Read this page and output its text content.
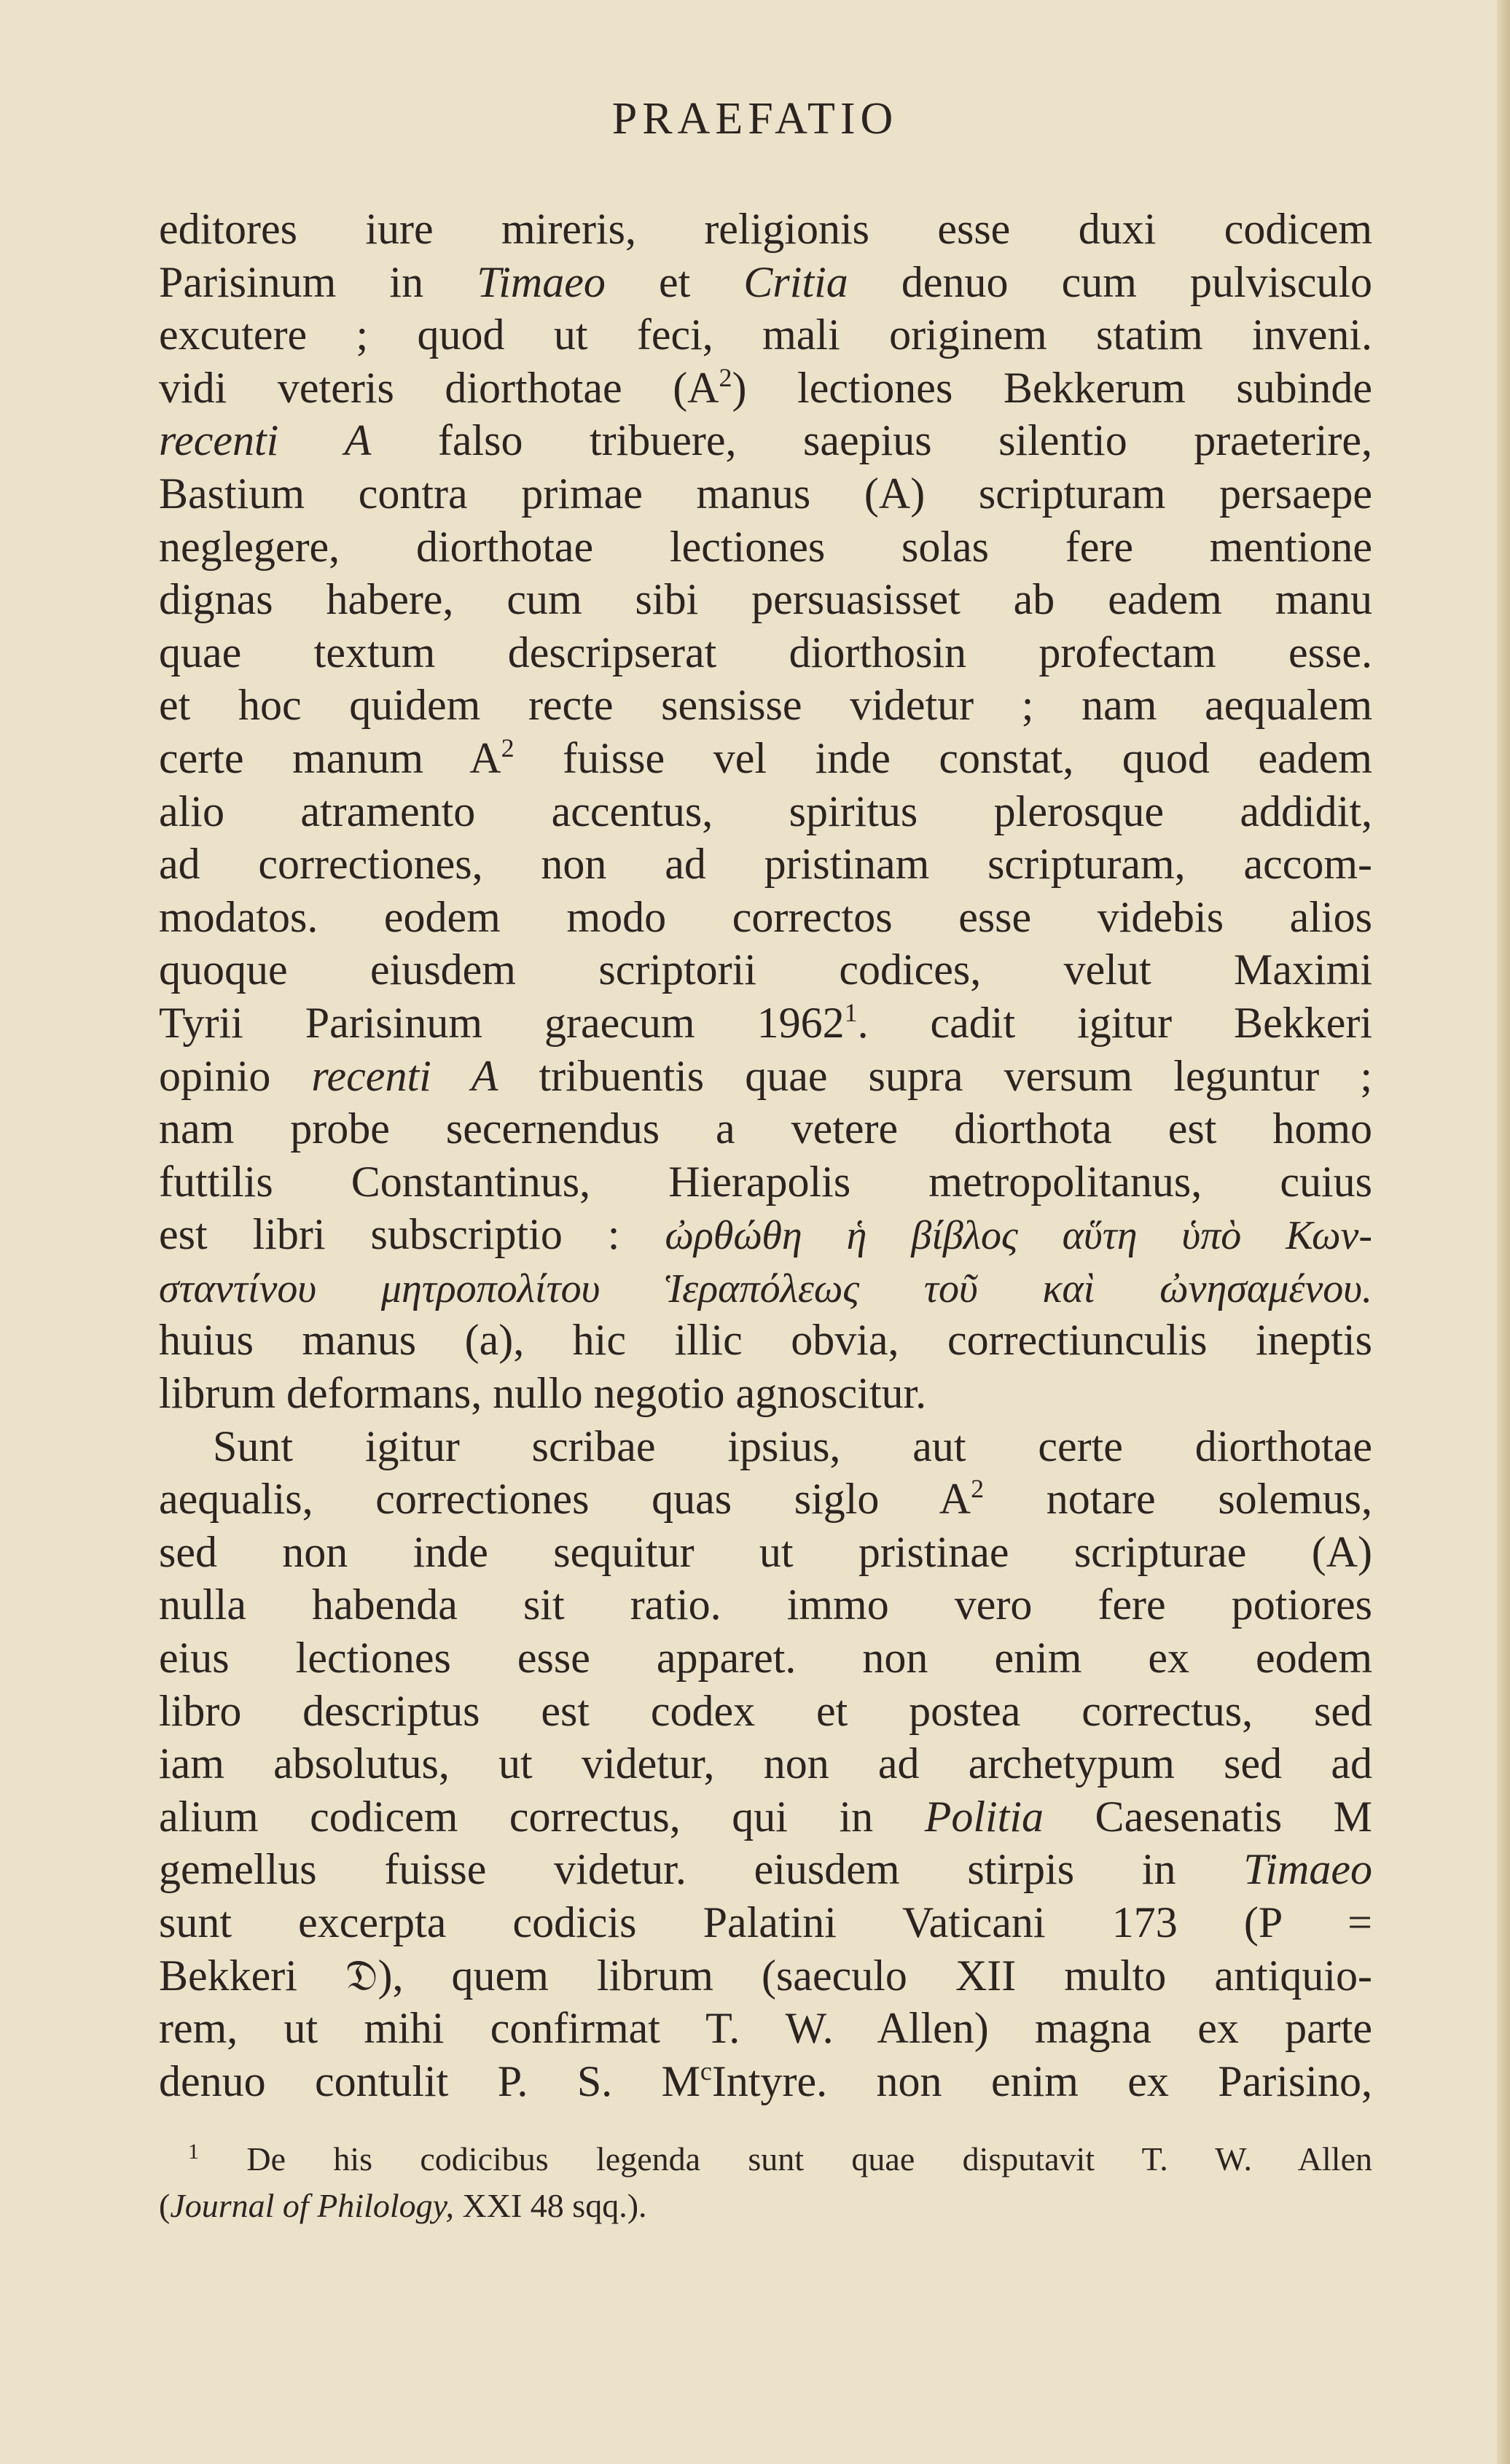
PRAEFATIO
editores iure mireris, religionis esse duxi codicem
Parisinum in Timaeo et Critia denuo cum pulvisculo
excutere ; quod ut feci, mali originem statim inveni.
vidi veteris diorthotae $(A^2)$ lectiones Bekkerum subinde
recenti A falso tribuere, saepius silentio praeterire,
Bastium contra primae manus (A) scripturam persaepe
neglegere, diorthotae lectiones solas fere mentione
dignas habere, cum sibi persuasisset ab eadem manu
quae textum descripserat diorthosin profectam esse.
et hoc quidem recte sensisse videtur ; nam aequalem
certe manum $A^2$ fuisse vel inde constat, quod eadem
alio atramento accentus, spiritus plerosque addidit,
ad correctiones, non ad pristinam scripturam, accom-
modatos. eodem modo correctos esse videbis alios
quoque eiusdem scriptorii codices, velut Maximi
Tyrii Parisinum graecum 1962$^1$. cadit igitur Bekkeri
opinio recenti A tribuentis quae supra versum leguntur ;
nam probe secernendus a vetere diorthota est homo
futtilis Constantinus, Hierapolis metropolitanus, cuius
est libri subscriptio : ὠρθώθη ἡ βίβλος αὕτη ὑπὸ Κων-
σταντίνου μητροπολίτου Ἱεραπόλεως τοῦ καὶ ὠνησαμένου.
huius manus (a), hic illic obvia, correctiunculis ineptis
librum deformans, nullo negotio agnoscitur.
Sunt igitur scribae ipsius, aut certe diorthotae
aequalis, correctiones quas siglo $A^2$ notare solemus,
sed non inde sequitur ut pristinae scripturae (A)
nulla habenda sit ratio. immo vero fere potiores
eius lectiones esse apparet. non enim ex eodem
libro descriptus est codex et postea correctus, sed
iam absolutus, ut videtur, non ad archetypum sed ad
alium codicem correctus, qui in Politia Caesenatis M
gemellus fuisse videtur. eiusdem stirpis in Timaeo
sunt excerpta codicis Palatini Vaticani 173 (P =
Bekkeri 𝔇), quem librum (saeculo XII multo antiquio-
rem, ut mihi confirmat T. W. Allen) magna ex parte
denuo contulit P. S. $M^cIntyre$. non enim ex Parisino,
$^1$ De his codicibus legenda sunt quae disputavit T. W. Allen
(Journal of Philology, XXI 48 sqq.).
